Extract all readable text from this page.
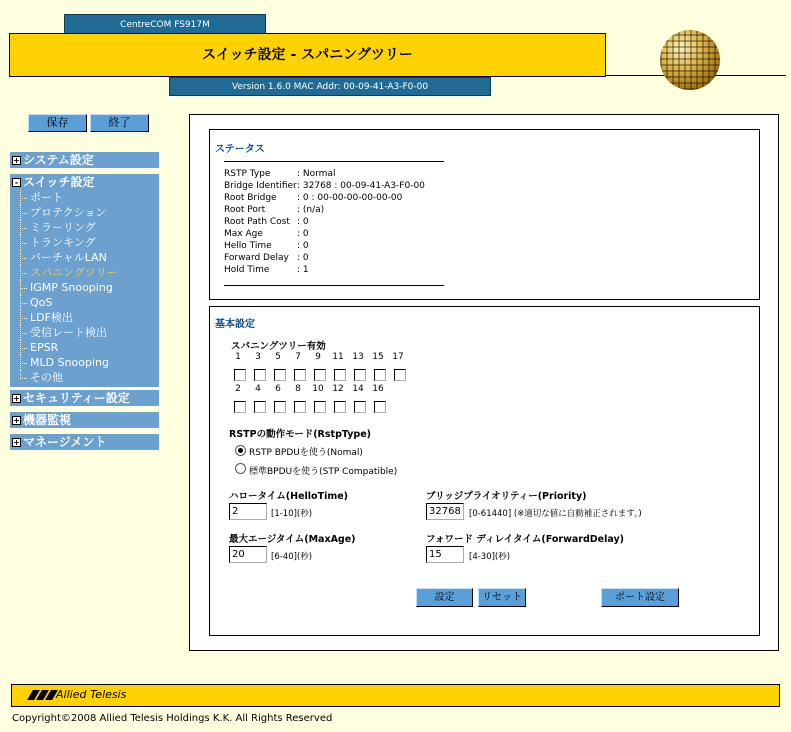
CentreCOM FS917M
スイッチ設定 - スパニングツリー
Version 1.6.0 MAC Addr: 00-09-41-A3-F0-00
保存	終了
+ システム設定
- スイッチ設定
ポート
プロテクション
ミラーリング
トランキング
バーチャルLAN
スパニングツリー
IGMP Snooping
QoS
LDF検出
受信レート検出
EPSR
MLD Snooping
その他
+ セキュリティー設定
+ 機器監視
+ マネージメント
ステータス
RSTP Type	: Normal
Bridge Identifier: 32768 : 00-09-41-A3-F0-00
Root Bridge : 0 : 00-00-00-00-00-00
Root Port	: (n/a)
Root Path Cost : 0
Max Age	: 0
Hello Time	: 0
Forward Delay : 0
Hold Time	: 1
基本設定
スパニングツリー有効
1	3	5	7	9	11 13 15 17
2	4	6	8	10 12 14 16
RSTPの動作モード(RstpType)
RSTP BPDUを使う(Nomal)
標準BPDUを使う(STP Compatible)
ハロータイム(HelloTime)
2	[1-10](秒)
ブリッジプライオリティー(Priority)
32768 [0-61440] (※適切な値に自動補正されます。)
最大エージタイム(MaxAge)
20	[6-40](秒)
フォワード ディレイタイム(ForwardDelay)
15	[4-30](秒)
設定	リセット	ポート設定
Allied Telesis
Copyright©2008 Allied Telesis Holdings K.K. All Rights Reserved
